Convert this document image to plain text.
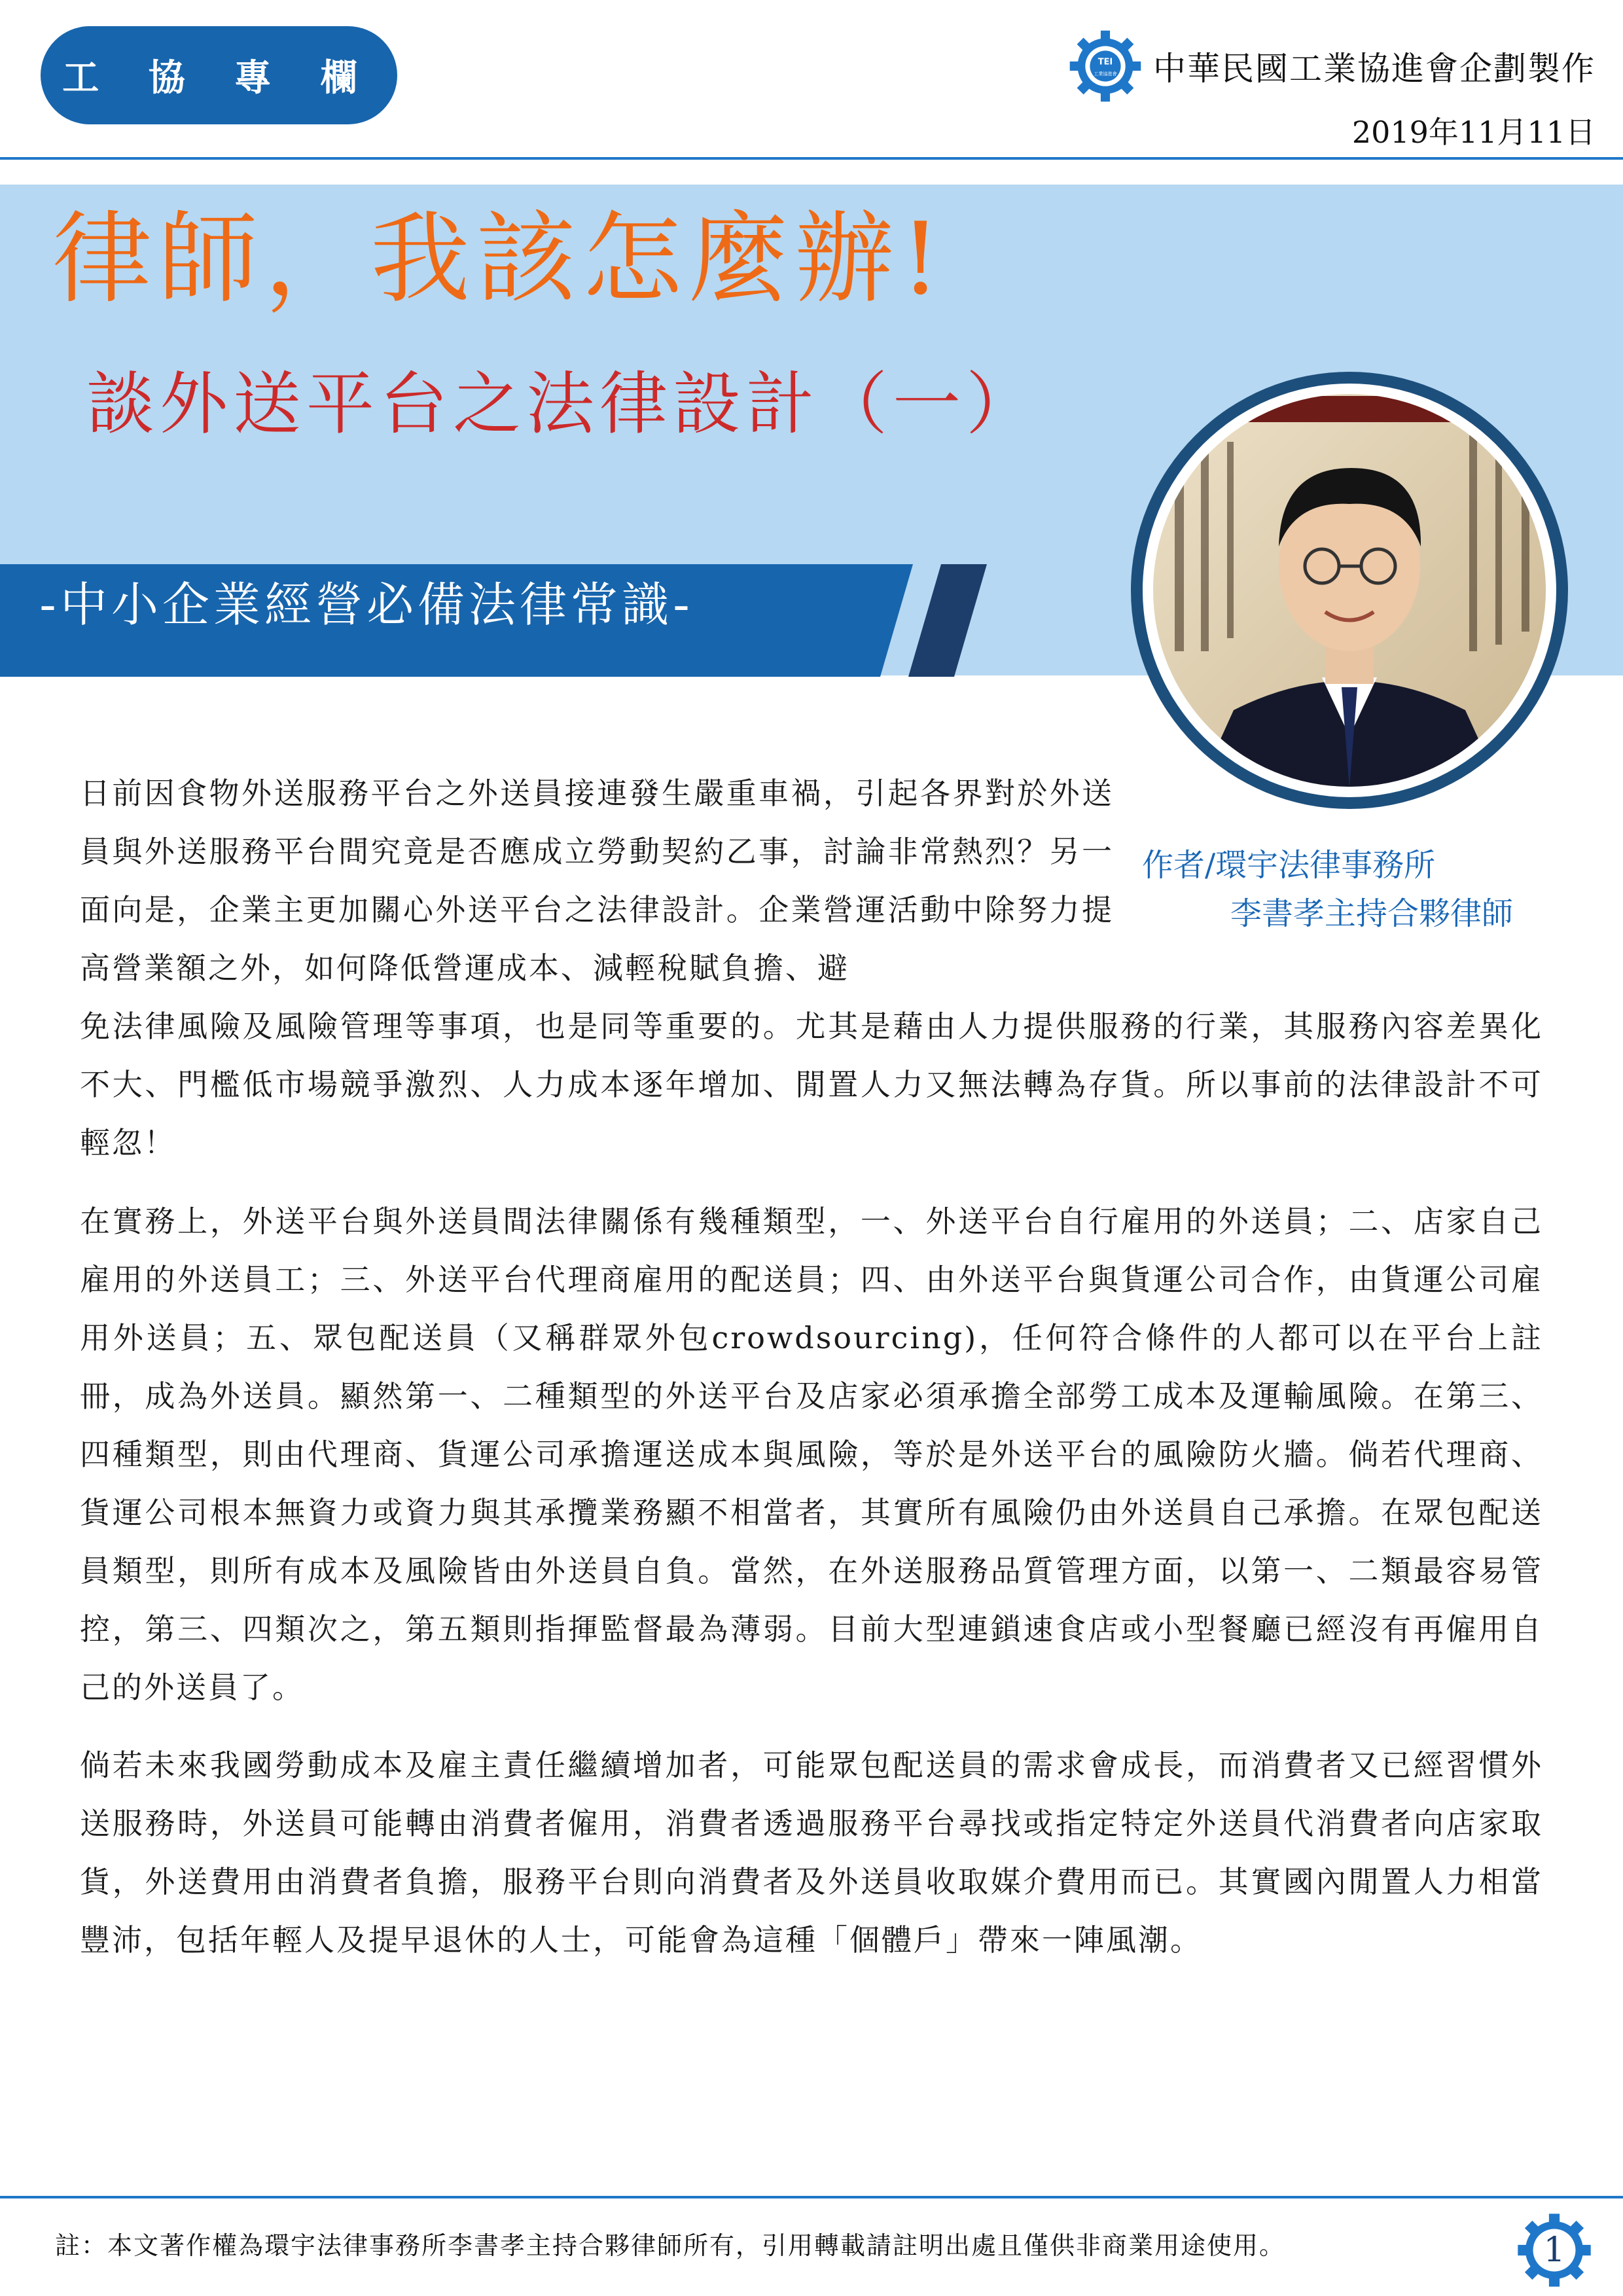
工 協 專 欄	TEI
工業協進會 中華民國工業協進會企劃製作
2019年11月11日
律師，我該怎麼辦!
談外送平台之法律設計（一）
-中小企業經營必備法律常識-
作者/環宇法律事務所
李書孝主持合夥律師
日前因食物外送服務平台之外送員接連發生嚴重車禍，引起各界對於外送員與外送服務平台間究竟是否應成立勞動契約乙事，討論非常熱烈？另一面向是，企業主更加關心外送平台之法律設計。企業營運活動中除努力提高營業額之外，如何降低營運成本、減輕稅賦負擔、避
免法律風險及風險管理等事項，也是同等重要的。尤其是藉由人力提供服務的行業，其服務內容差異化不大、門檻低市場競爭激烈、人力成本逐年增加、閒置人力又無法轉為存貨。所以事前的法律設計不可輕忽！
在實務上，外送平台與外送員間法律關係有幾種類型，一、外送平台自行雇用的外送員；二、店家自己雇用的外送員工；三、外送平台代理商雇用的配送員；四、由外送平台與貨運公司合作，由貨運公司雇用外送員；五、眾包配送員（又稱群眾外包crowdsourcing)，任何符合條件的人都可以在平台上註冊，成為外送員。顯然第一、二種類型的外送平台及店家必須承擔全部勞工成本及運輸風險。在第三、四種類型，則由代理商、貨運公司承擔運送成本與風險，等於是外送平台的風險防火牆。倘若代理商、貨運公司根本無資力或資力與其承攬業務顯不相當者，其實所有風險仍由外送員自己承擔。在眾包配送員類型，則所有成本及風險皆由外送員自負。當然，在外送服務品質管理方面，以第一、二類最容易管控，第三、四類次之，第五類則指揮監督最為薄弱。目前大型連鎖速食店或小型餐廳已經沒有再僱用自己的外送員了。
倘若未來我國勞動成本及雇主責任繼續增加者，可能眾包配送員的需求會成長，而消費者又已經習慣外送服務時，外送員可能轉由消費者僱用，消費者透過服務平台尋找或指定特定外送員代消費者向店家取貨，外送費用由消費者負擔，服務平台則向消費者及外送員收取媒介費用而已。其實國內閒置人力相當豐沛，包括年輕人及提早退休的人士，可能會為這種「個體戶」帶來一陣風潮。
註：本文著作權為環宇法律事務所李書孝主持合夥律師所有，引用轉載請註明出處且僅供非商業用途使用。	1
